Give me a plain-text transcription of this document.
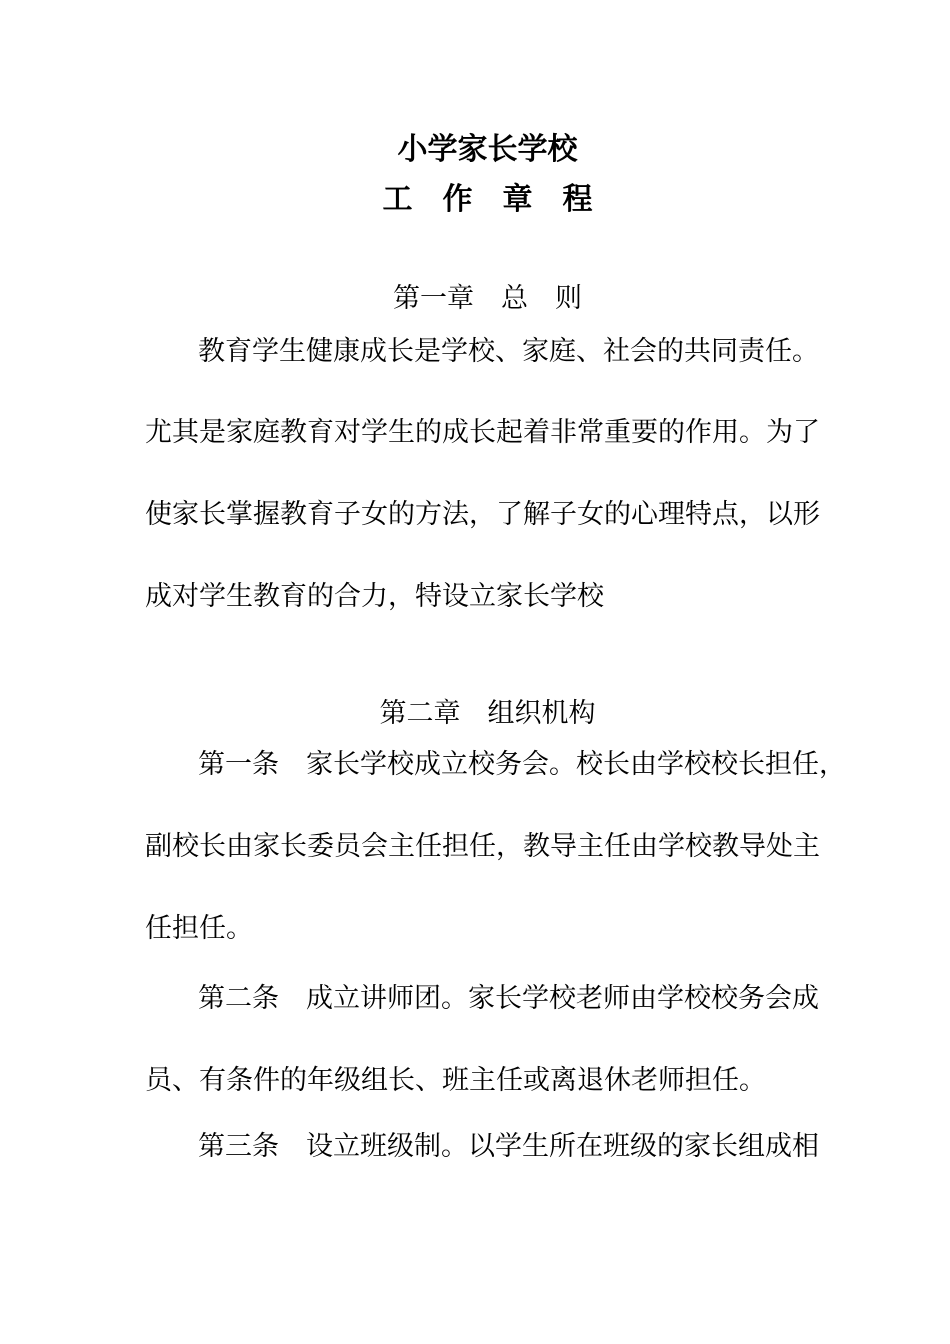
小学家长学校
工　作　章　程
第一章　总　则
教育学生健康成长是学校、家庭、社会的共同责任。
尤其是家庭教育对学生的成长起着非常重要的作用。为了
使家长掌握教育子女的方法，了解子女的心理特点，以形
成对学生教育的合力，特设立家长学校
第二章　组织机构
第一条　家长学校成立校务会。校长由学校校长担任，
副校长由家长委员会主任担任，教导主任由学校教导处主
任担任。
第二条　成立讲师团。家长学校老师由学校校务会成
员、有条件的年级组长、班主任或离退休老师担任。
第三条　设立班级制。以学生所在班级的家长组成相
